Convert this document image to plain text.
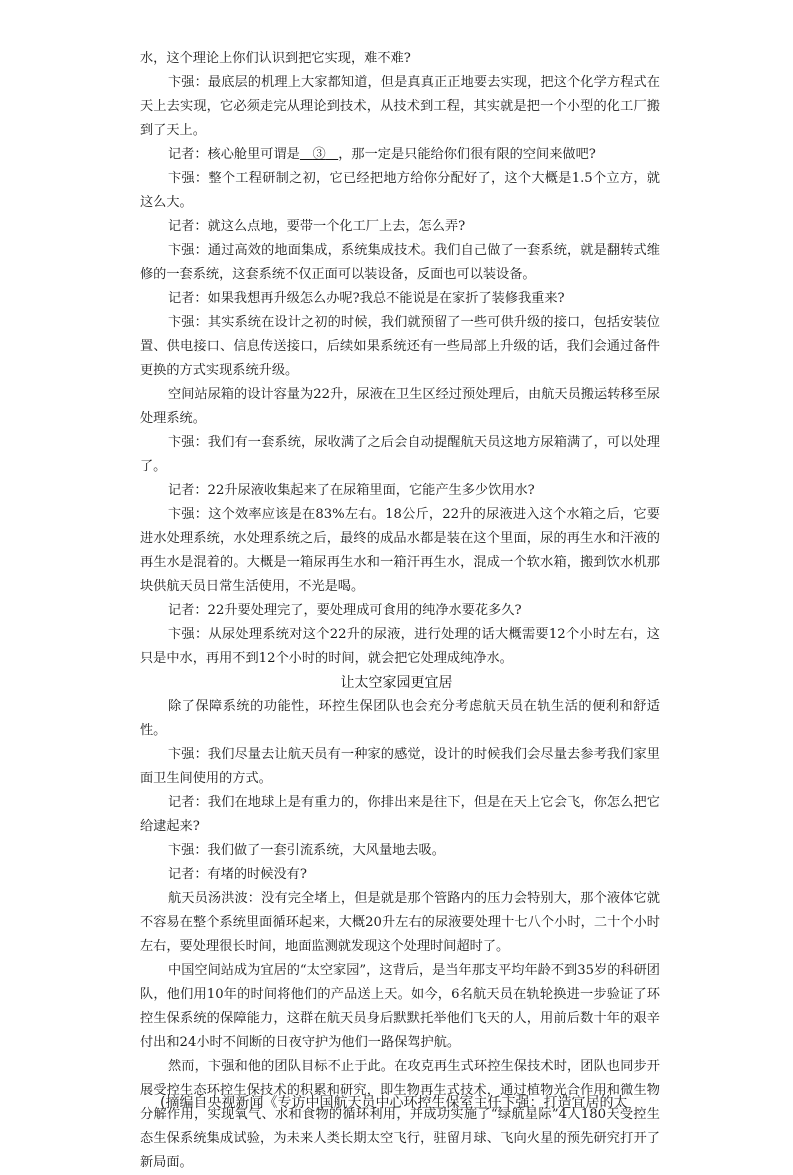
水，这个理论上你们认识到把它实现，难不难?

卞强：最底层的机理上大家都知道，但是真真正正地要去实现，把这个化学方程式在天上去实现，它必须走完从理论到技术，从技术到工程，其实就是把一个小型的化工厂搬到了天上。

记者：核心舱里可谓是 ③ ，那一定是只能给你们很有限的空间来做吧?

卞强：整个工程研制之初，它已经把地方给你分配好了，这个大概是1.5个立方，就这么大。

记者：就这么点地，要带一个化工厂上去，怎么弄?

卞强：通过高效的地面集成，系统集成技术。我们自己做了一套系统，就是翻转式维修的一套系统，这套系统不仅正面可以装设备，反面也可以装设备。

记者：如果我想再升级怎么办呢?我总不能说是在家折了装修我重来?

卞强：其实系统在设计之初的时候，我们就预留了一些可供升级的接口，包括安装位置、供电接口、信息传送接口，后续如果系统还有一些局部上升级的话，我们会通过备件更换的方式实现系统升级。

空间站尿箱的设计容量为22升，尿液在卫生区经过预处理后，由航天员搬运转移至尿处理系统。

卞强：我们有一套系统，尿收满了之后会自动提醒航天员这地方尿箱满了，可以处理了。

记者：22升尿液收集起来了在尿箱里面，它能产生多少饮用水?

卞强：这个效率应该是在83%左右。18公斤，22升的尿液进入这个水箱之后，它要进水处理系统，水处理系统之后，最终的成品水都是装在这个里面，尿的再生水和汗液的再生水是混着的。大概是一箱尿再生水和一箱汗再生水，混成一个软水箱，搬到饮水机那块供航天员日常生活使用，不光是喝。

记者：22升要处理完了，要处理成可食用的纯净水要花多久?

卞强：从尿处理系统对这个22升的尿液，进行处理的话大概需要12个小时左右，这只是中水，再用不到12个小时的时间，就会把它处理成纯净水。

让太空家园更宜居

除了保障系统的功能性，环控生保团队也会充分考虑航天员在轨生活的便利和舒适性。

卞强：我们尽量去让航天员有一种家的感觉，设计的时候我们会尽量去参考我们家里面卫生间使用的方式。

记者：我们在地球上是有重力的，你排出来是往下，但是在天上它会飞，你怎么把它给逮起来?

卞强：我们做了一套引流系统，大风量地去吸。

记者：有堵的时候没有?

航天员汤洪波：没有完全堵上，但是就是那个管路内的压力会特别大，那个液体它就不容易在整个系统里面循环起来，大概20升左右的尿液要处理十七八个小时，二十个小时左右，要处理很长时间，地面监测就发现这个处理时间超时了。

中国空间站成为宜居的“太空家园”，这背后，是当年那支平均年龄不到35岁的科研团队，他们用10年的时间将他们的产品送上天。如今，6名航天员在轨轮换进一步验证了环控生保系统的保障能力，这群在航天员身后默默托举他们飞天的人，用前后数十年的艰辛付出和24小时不间断的日夜守护为他们一路保驾护航。

然而，卞强和他的团队目标不止于此。在攻克再生式环控生保技术时，团队也同步开展受控生态环控生保技术的积累和研究，即生物再生式技术，通过植物光合作用和微生物分解作用，实现氧气、水和食物的循环利用，并成功实施了“绿航星际”4人180天受控生态生保系统集成试验，为未来人类长期太空飞行，驻留月球、飞向火星的预先研究打开了新局面。

(摘编自央视新闻《专访中国航天员中心环控生保室主任卞强：打造宜居的太
